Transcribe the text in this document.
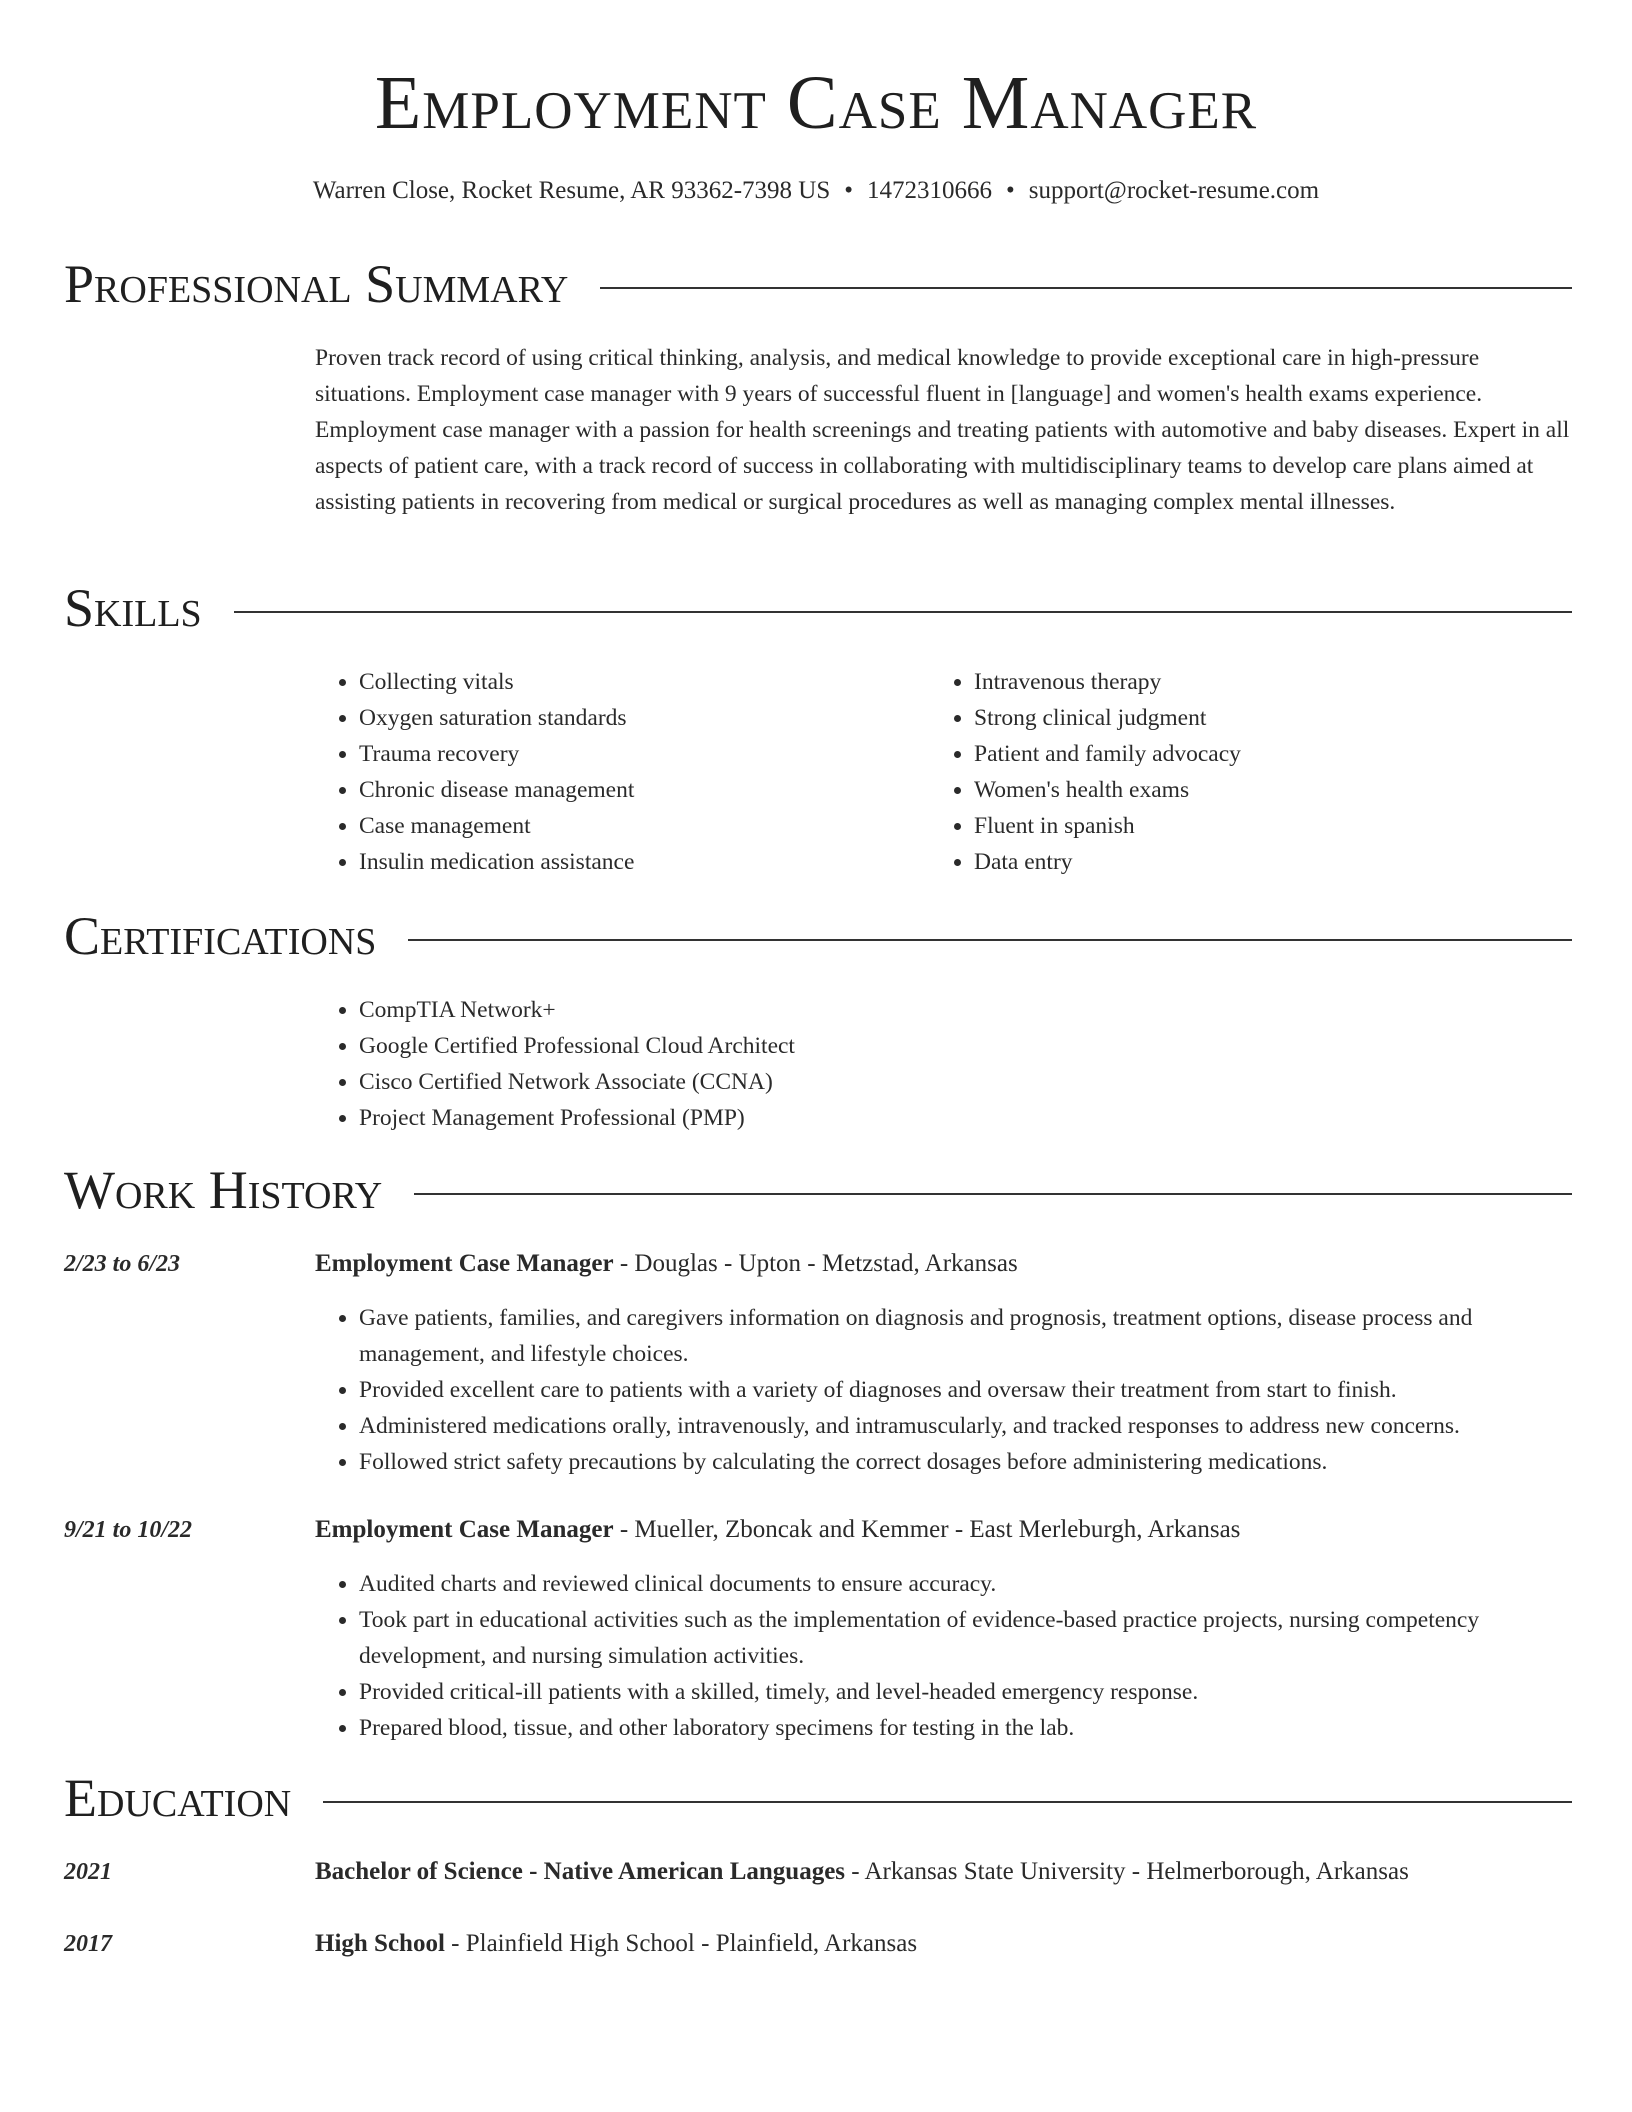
Employment Case Manager
Warren Close, Rocket Resume, AR 93362-7398 US • 1472310666 • support@rocket-resume.com
Professional Summary

Proven track record of using critical thinking, analysis, and medical knowledge to provide exceptional care in high-pressure situations. Employment case manager with 9 years of successful fluent in [language] and women's health exams experience. Employment case manager with a passion for health screenings and treating patients with automotive and baby diseases. Expert in all aspects of patient care, with a track record of success in collaborating with multidisciplinary teams to develop care plans aimed at assisting patients in recovering from medical or surgical procedures as well as managing complex mental illnesses.

Skills
• Collecting vitals
• Oxygen saturation standards
• Trauma recovery
• Chronic disease management
• Case management
• Insulin medication assistance
• Intravenous therapy
• Strong clinical judgment
• Patient and family advocacy
• Women's health exams
• Fluent in spanish
• Data entry
Certifications
• CompTIA Network+
• Google Certified Professional Cloud Architect
• Cisco Certified Network Associate (CCNA)
• Project Management Professional (PMP)
Work History
2/23 to 6/23	Employment Case Manager - Douglas - Upton - Metzstad, Arkansas
• Gave patients, families, and caregivers information on diagnosis and prognosis, treatment options, disease process and management, and lifestyle choices.
• Provided excellent care to patients with a variety of diagnoses and oversaw their treatment from start to finish.
• Administered medications orally, intravenously, and intramuscularly, and tracked responses to address new concerns.
• Followed strict safety precautions by calculating the correct dosages before administering medications.
9/21 to 10/22	Employment Case Manager - Mueller, Zboncak and Kemmer - East Merleburgh, Arkansas
• Audited charts and reviewed clinical documents to ensure accuracy.
• Took part in educational activities such as the implementation of evidence-based practice projects, nursing competency development, and nursing simulation activities.
• Provided critical-ill patients with a skilled, timely, and level-headed emergency response.
• Prepared blood, tissue, and other laboratory specimens for testing in the lab.
Education
2021	Bachelor of Science - Native American Languages - Arkansas State University - Helmerborough, Arkansas
2017	High School - Plainfield High School - Plainfield, Arkansas
